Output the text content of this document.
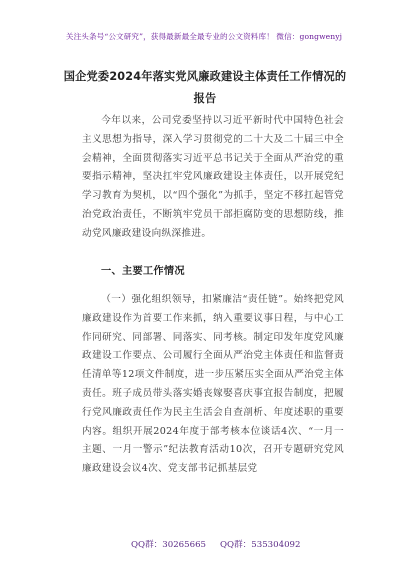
关注头条号“公文研究”，获得最新最全最专业的公文资料库！ 微信：gongwenyj
国企党委2024年落实党风廉政建设主体责任工作情况的报告

今年以来，公司党委坚持以习近平新时代中国特色社会主义思想为指导，深入学习贯彻党的二十大及二十届三中全会精神，全面贯彻落实习近平总书记关于全面从严治党的重要指示精神，坚决扛牢党风廉政建设主体责任，以开展党纪学习教育为契机，以“四个强化”为抓手，坚定不移扛起管党治党政治责任，不断筑牢党员干部拒腐防变的思想防线，推动党风廉政建设向纵深推进。

一、主要工作情况

（一）强化组织领导，扣紧廉洁“责任链”。始终把党风廉政建设作为首要工作来抓，纳入重要议事日程，与中心工作同研究、同部署、同落实、同考核。制定印发年度党风廉政建设工作要点、公司履行全面从严治党主体责任和监督责任清单等12项文件制度，进一步压紧压实全面从严治党主体责任。班子成员带头落实婚丧嫁娶喜庆事宜报告制度，把履行党风廉政责任作为民主生活会自查剖析、年度述职的重要内容。组织开展2024年度于部考核本位谈话4次、“一月一主题、一月一警示”纪法教育活动10次，召开专题研究党风廉政建设会议4次、党支部书记抓基层党

QQ群：30265665 QQ群：535304092
